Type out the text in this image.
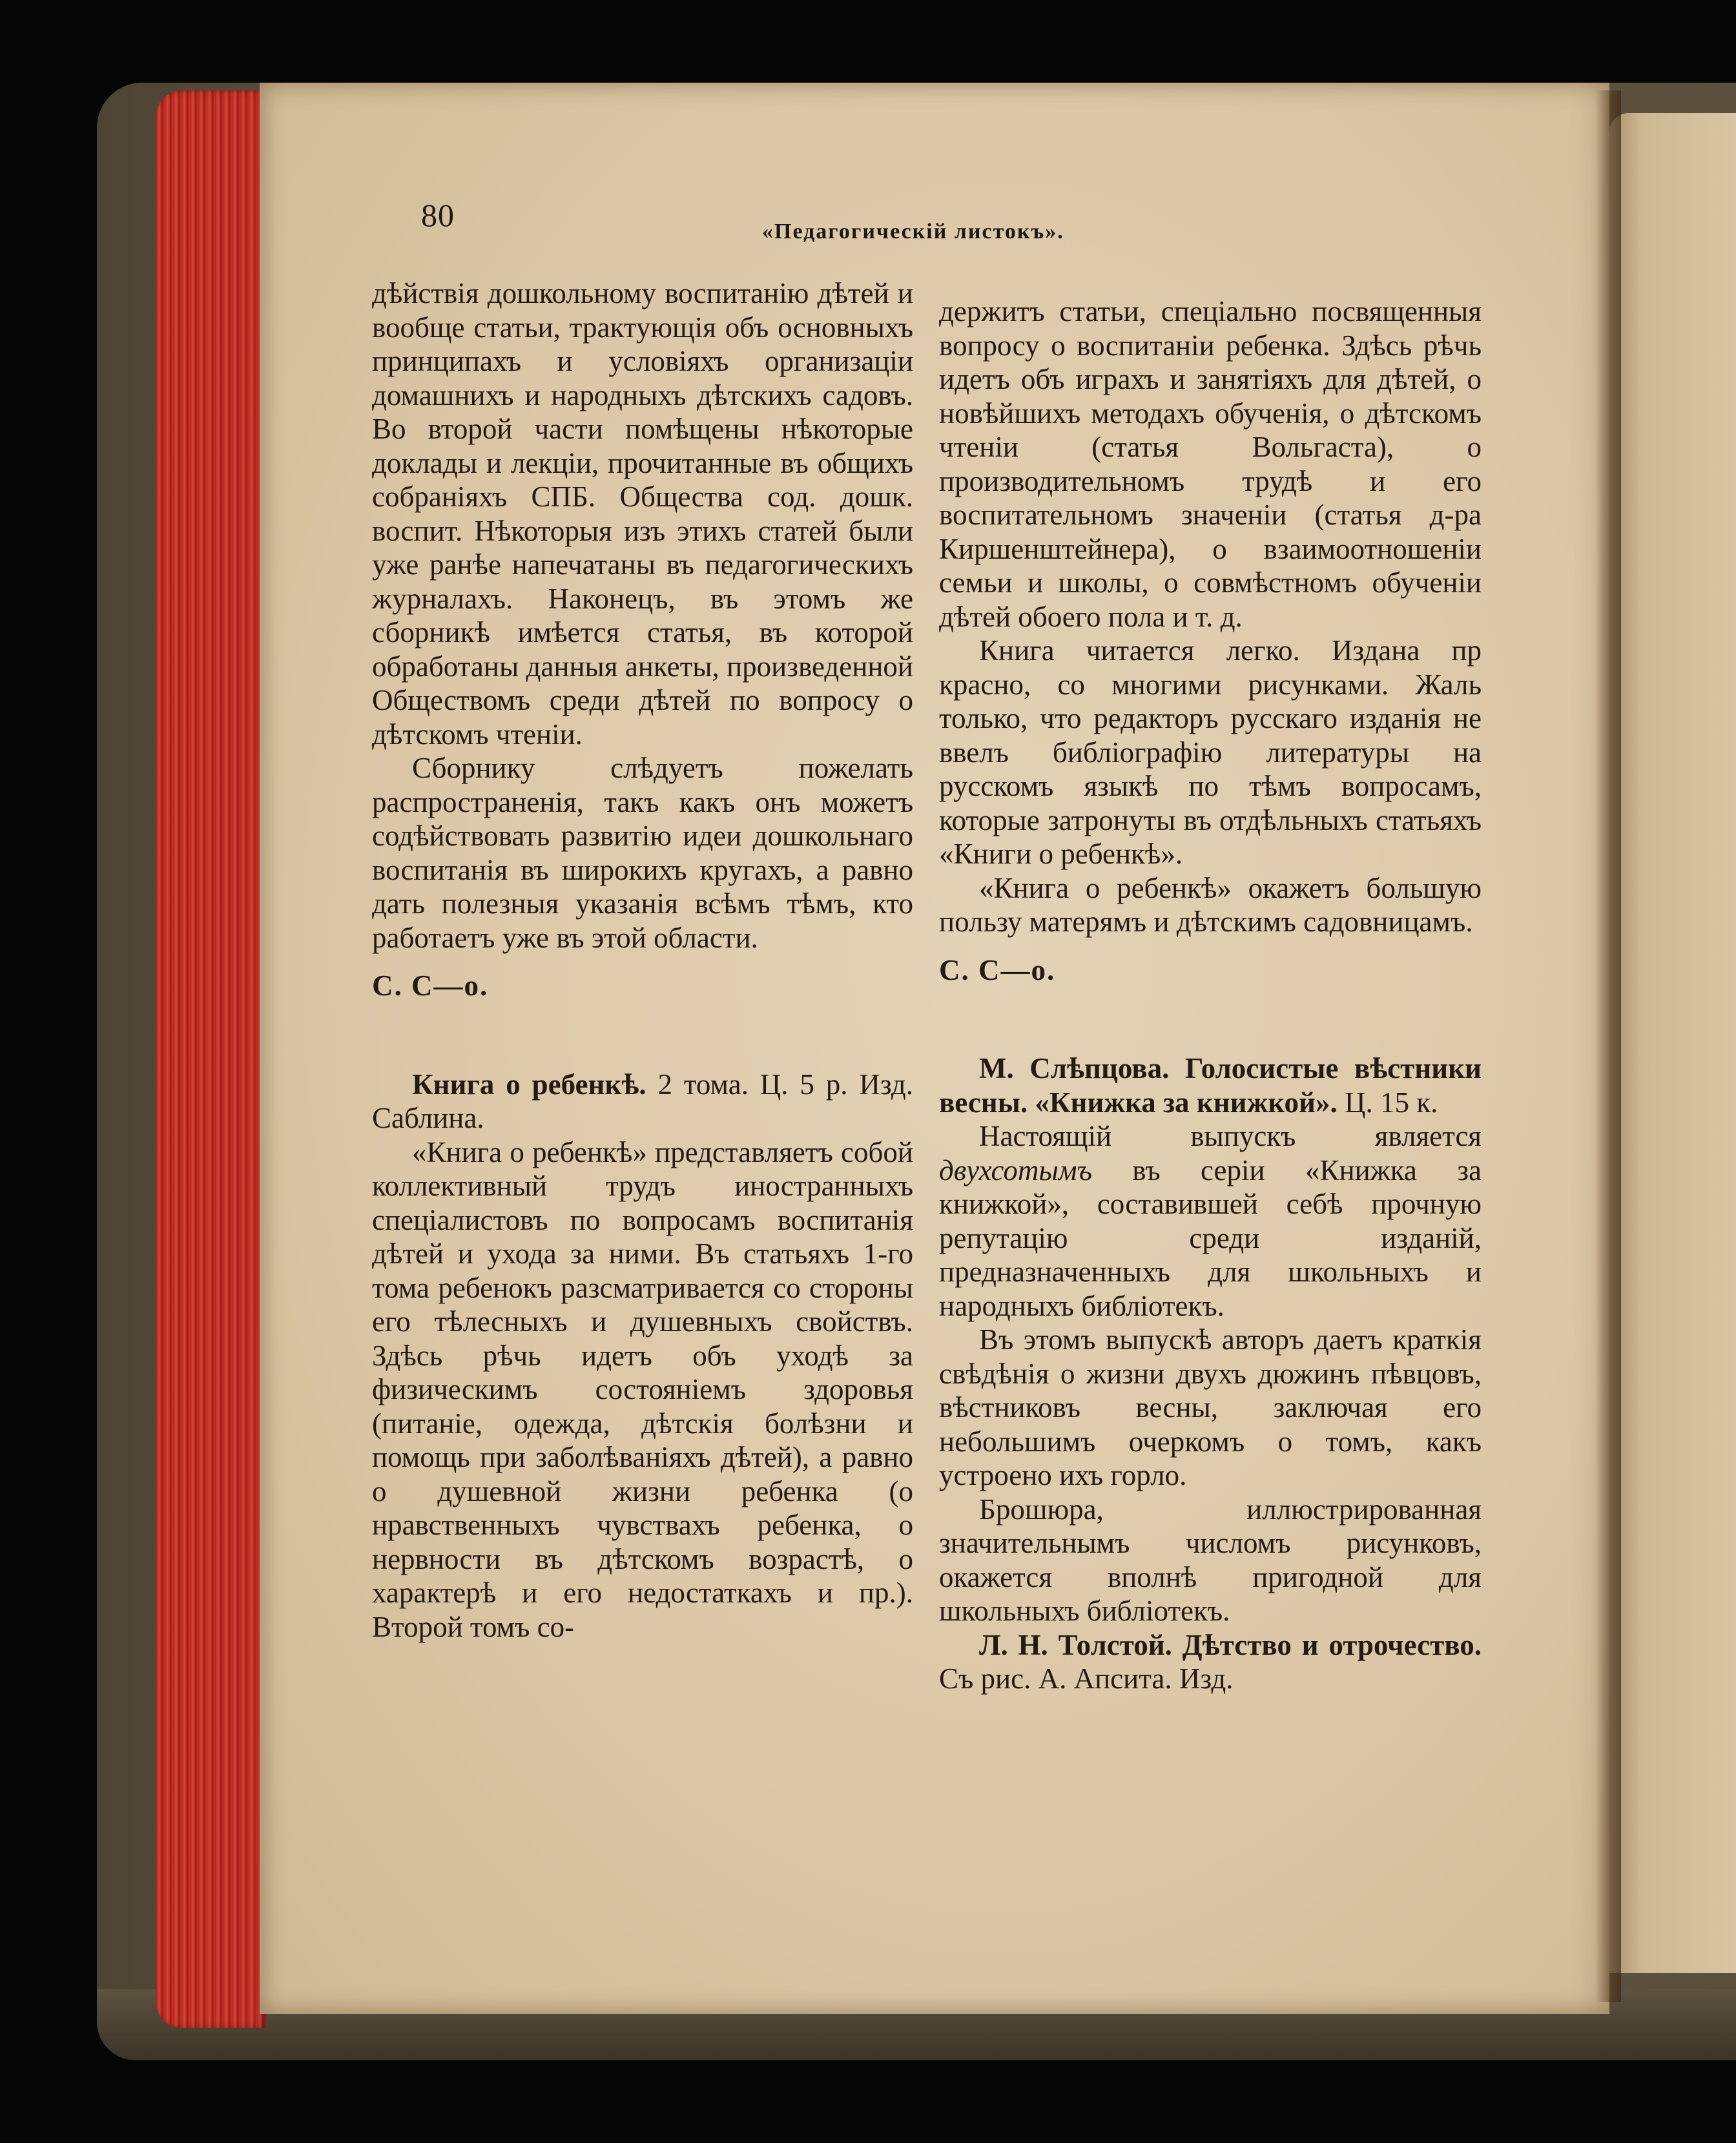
80	«Педагогическій листокъ».

дѣйствія дошкольному воспитанію дѣтей и вообще статьи, трактующія объ основныхъ принципахъ и условіяхъ организаціи домашнихъ и народныхъ дѣтскихъ садовъ. Во второй части помѣщены нѣкоторые доклады и лекціи, прочитанные въ общихъ собраніяхъ СПБ. Общества сод. дошк. воспит. Нѣкоторыя изъ этихъ статей были уже ранѣе напечатаны въ педагогическихъ журналахъ. Наконецъ, въ этомъ же сборникѣ имѣется статья, въ которой обработаны данныя анкеты, произведенной Обществомъ среди дѣтей по вопросу о дѣтскомъ чтеніи.

Сборнику слѣдуетъ пожелать распространенія, такъ какъ онъ можетъ содѣйствовать развитію идеи дошкольнаго воспитанія въ широкихъ кругахъ, а равно дать полезныя указанія всѣмъ тѣмъ, кто работаетъ уже въ этой области.

С. С—о.

Книга о ребенкѣ. 2 тома. Ц. 5 р. Изд. Саблина.

«Книга о ребенкѣ» представляетъ собой коллективный трудъ иностранныхъ спеціалистовъ по вопросамъ воспитанія дѣтей и ухода за ними. Въ статьяхъ 1-го тома ребенокъ разсматривается со стороны его тѣлесныхъ и душевныхъ свойствъ. Здѣсь рѣчь идетъ объ уходѣ за физическимъ состояніемъ здоровья (питаніе, одежда, дѣтскія болѣзни и помощь при заболѣваніяхъ дѣтей), а равно о душевной жизни ребенка (о нравственныхъ чувствахъ ребенка, о нервности въ дѣтскомъ возрастѣ, о характерѣ и его недостаткахъ и пр.). Второй томъ со-

держитъ статьи, спеціально посвященныя вопросу о воспитаніи ребенка. Здѣсь рѣчь идетъ объ играхъ и занятіяхъ для дѣтей, о новѣйшихъ методахъ обученія, о дѣтскомъ чтеніи (статья Вольгаста), о производительномъ трудѣ и его воспитательномъ значеніи (статья д-ра Киршенштейнера), о взаимоотношеніи семьи и школы, о совмѣстномъ обученіи дѣтей обоего пола и т. д.

Книга читается легко. Издана пр красно, со многими рисунками. Жаль только, что редакторъ русскаго изданія не ввелъ библіографію литературы на русскомъ языкѣ по тѣмъ вопросамъ, которые затронуты въ отдѣльныхъ статьяхъ «Книги о ребенкѣ».

«Книга о ребенкѣ» окажетъ большую пользу матерямъ и дѣтскимъ садовницамъ.

С. С—о.

М. Слѣпцова. Голосистые вѣстники весны. «Книжка за книжкой». Ц. 15 к.

Настоящій выпускъ является двухсотымъ въ серіи «Книжка за книжкой», составившей себѣ прочную репутацію среди изданій, предназначенныхъ для школьныхъ и народныхъ библіотекъ.

Въ этомъ выпускѣ авторъ даетъ краткія свѣдѣнія о жизни двухъ дюжинъ пѣвцовъ, вѣстниковъ весны, заключая его небольшимъ очеркомъ о томъ, какъ устроено ихъ горло.

Брошюра, иллюстрированная значительнымъ числомъ рисунковъ, окажется вполнѣ пригодной для школьныхъ библіотекъ.

Л. Н. Толстой. Дѣтство и отрочество. Съ рис. А. Апсита. Изд.
